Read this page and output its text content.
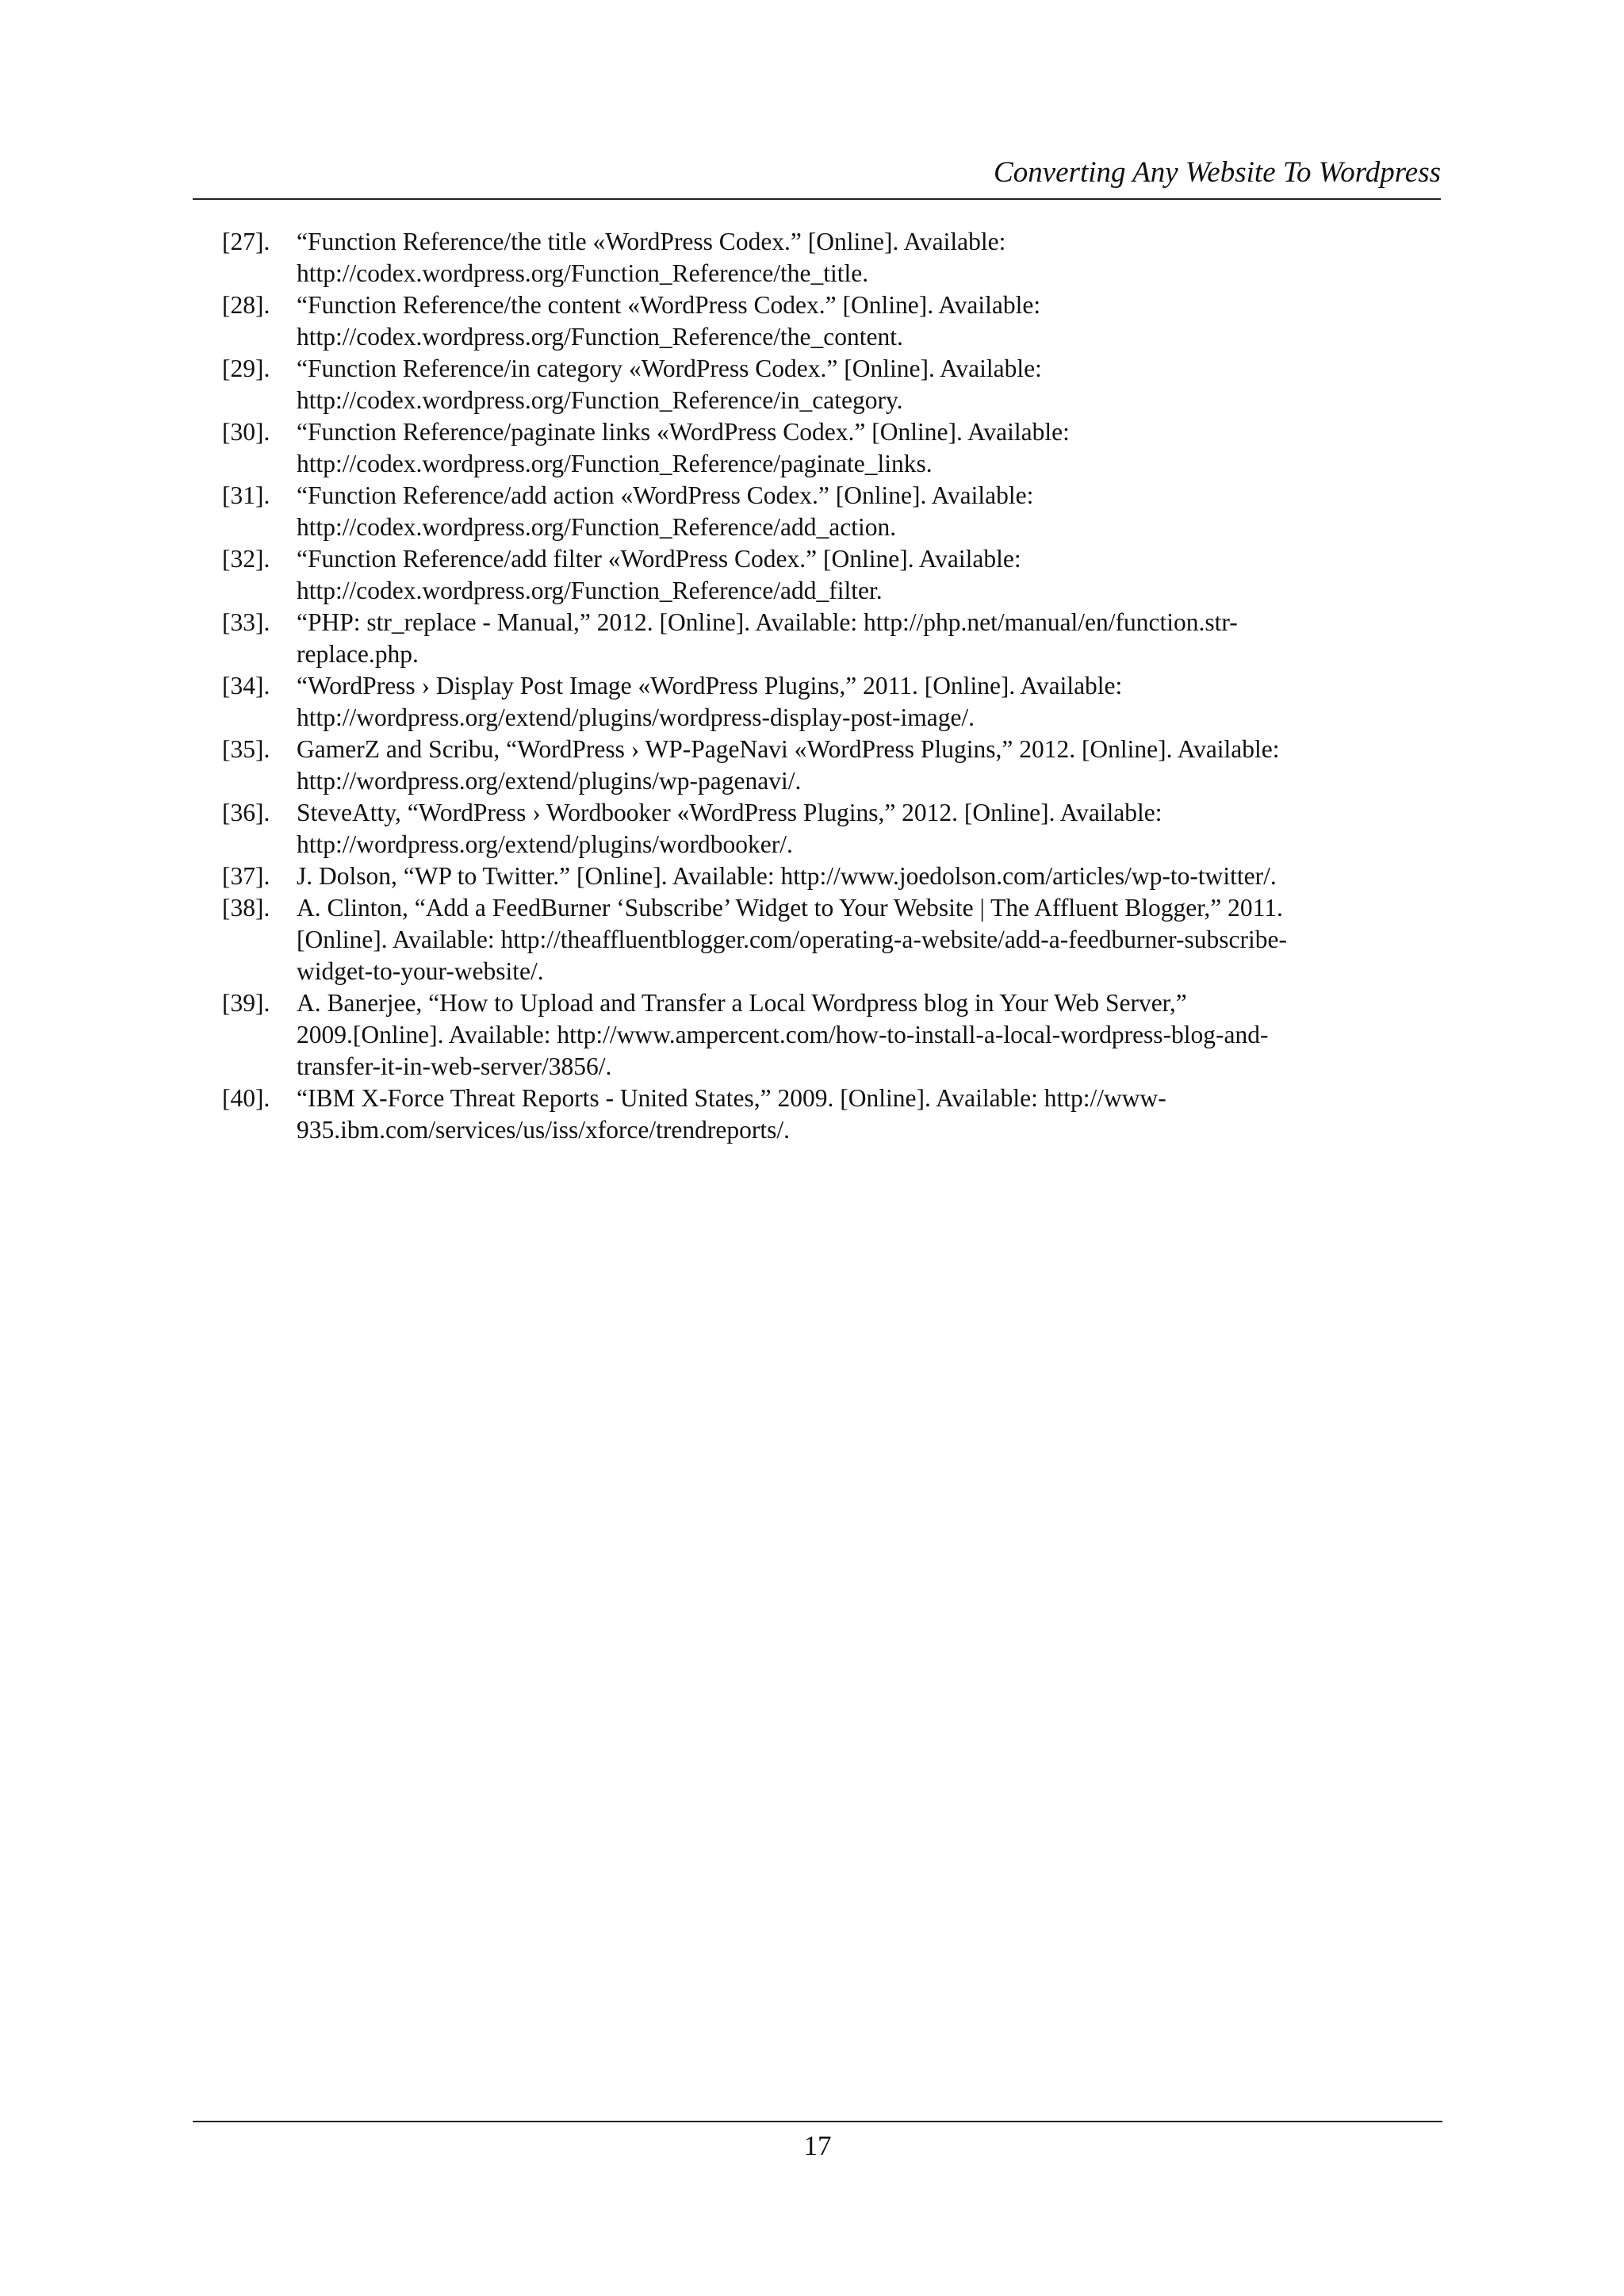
Converting Any Website To Wordpress
[27]. “Function Reference/the title «WordPress Codex.” [Online]. Available:
http://codex.wordpress.org/Function_Reference/the_title.
[28]. “Function Reference/the content «WordPress Codex.” [Online]. Available:
http://codex.wordpress.org/Function_Reference/the_content.
[29]. “Function Reference/in category «WordPress Codex.” [Online]. Available:
http://codex.wordpress.org/Function_Reference/in_category.
[30]. “Function Reference/paginate links «WordPress Codex.” [Online]. Available:
http://codex.wordpress.org/Function_Reference/paginate_links.
[31]. “Function Reference/add action «WordPress Codex.” [Online]. Available:
http://codex.wordpress.org/Function_Reference/add_action.
[32]. “Function Reference/add filter «WordPress Codex.” [Online]. Available:
http://codex.wordpress.org/Function_Reference/add_filter.
[33]. “PHP: str_replace - Manual,” 2012. [Online]. Available: http://php.net/manual/en/function.str-
replace.php.
[34]. “WordPress › Display Post Image «WordPress Plugins,” 2011. [Online]. Available:
http://wordpress.org/extend/plugins/wordpress-display-post-image/.
[35]. GamerZ and Scribu, “WordPress › WP-PageNavi «WordPress Plugins,” 2012. [Online]. Available:
http://wordpress.org/extend/plugins/wp-pagenavi/.
[36]. SteveAtty, “WordPress › Wordbooker «WordPress Plugins,” 2012. [Online]. Available:
http://wordpress.org/extend/plugins/wordbooker/.
[37]. J. Dolson, “WP to Twitter.” [Online]. Available: http://www.joedolson.com/articles/wp-to-twitter/.
[38]. A. Clinton, “Add a FeedBurner ‘Subscribe’ Widget to Your Website | The Affluent Blogger,” 2011.
[Online]. Available: http://theaffluentblogger.com/operating-a-website/add-a-feedburner-subscribe-
widget-to-your-website/.
[39]. A. Banerjee, “How to Upload and Transfer a Local Wordpress blog in Your Web Server,”
2009.[Online]. Available: http://www.ampercent.com/how-to-install-a-local-wordpress-blog-and-
transfer-it-in-web-server/3856/.
[40]. “IBM X-Force Threat Reports - United States,” 2009. [Online]. Available: http://www-
935.ibm.com/services/us/iss/xforce/trendreports/.
17
